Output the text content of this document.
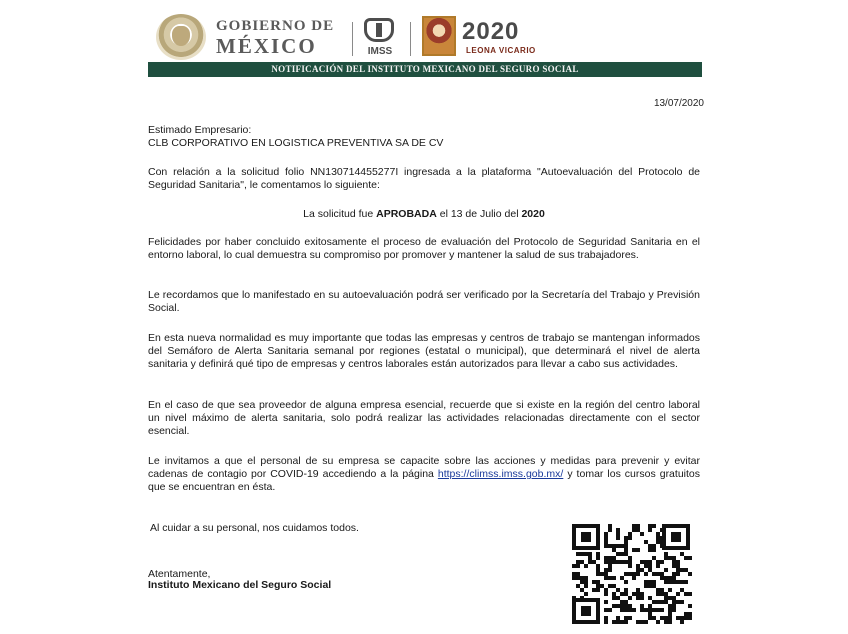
GOBIERNO DE
MÉXICO	IMSS
2020
LEONA VICARIO
NOTIFICACIÓN DEL INSTITUTO MEXICANO DEL SEGURO SOCIAL
13/07/2020
Estimado Empresario:
CLB CORPORATIVO EN LOGISTICA PREVENTIVA SA DE CV

Con relación a la solicitud folio NN130714455277I ingresada a la plataforma "Autoevaluación del Protocolo de Seguridad Sanitaria", le comentamos lo siguiente:

La solicitud fue APROBADA el 13 de Julio del 2020

Felicidades por haber concluido exitosamente el proceso de evaluación del Protocolo de Seguridad Sanitaria en el entorno laboral, lo cual demuestra su compromiso por promover y mantener la salud de sus trabajadores.

Le recordamos que lo manifestado en su autoevaluación podrá ser verificado por la Secretaría del Trabajo y Previsión Social.

En esta nueva normalidad es muy importante que todas las empresas y centros de trabajo se mantengan informados del Semáforo de Alerta Sanitaria semanal por regiones (estatal o municipal), que determinará el nivel de alerta sanitaria y definirá qué tipo de empresas y centros laborales están autorizados para llevar a cabo sus actividades.

En el caso de que sea proveedor de alguna empresa esencial, recuerde que si existe en la región del centro laboral un nivel máximo de alerta sanitaria, solo podrá realizar las actividades relacionadas directamente con el sector esencial.

Le invitamos a que el personal de su empresa se capacite sobre las acciones y medidas para prevenir y evitar cadenas de contagio por COVID-19 accediendo a la página https://climss.imss.gob.mx/ y tomar los cursos gratuitos que se encuentran en ésta.

Al cuidar a su personal, nos cuidamos todos.
Atentamente,
Instituto Mexicano del Seguro Social
